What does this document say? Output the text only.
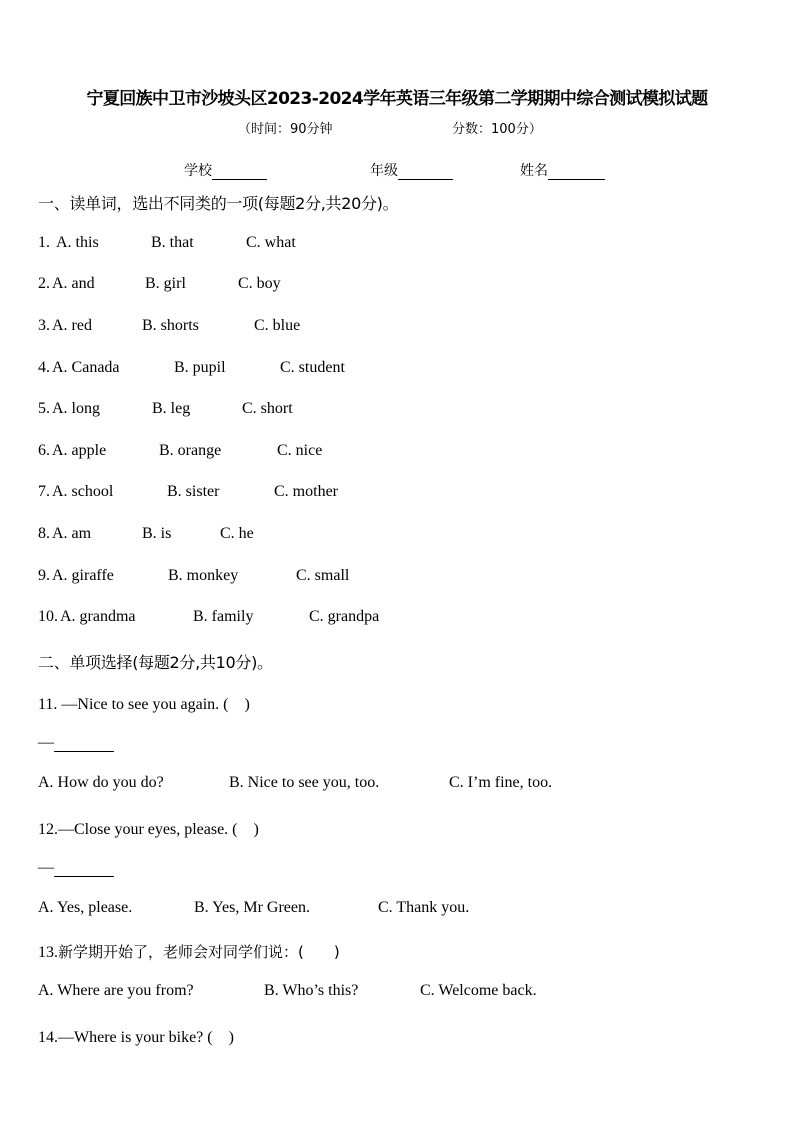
宁夏回族中卫市沙坡头区2023-2024学年英语三年级第二学期期中综合测试模拟试题
（时间：90分钟	分数：100分）
学校	年级	姓名
一、读单词，选出不同类的一项(每题2分,共20分)。
1. A. this	B. that	C. what
2. A. and	B. girl	C. boy
3. A. red	B. shorts	C. blue
4. A. Canada	B. pupil	C. student
5. A. long	B. leg	C. short
6. A. apple	B. orange	C. nice
7. A. school	B. sister	C. mother
8. A. am	B. is	C. he
9. A. giraffe	B. monkey	C. small
10. A. grandma	B. family	C. grandpa
二、单项选择(每题2分,共10分)。
11. —Nice to see you again. (　)
—
A. How do you do?	B. Nice to see you, too.	C. I’m fine, too.
12.—Close your eyes, please. (　)
—
A. Yes, please.	B. Yes, Mr Green.	C. Thank you.
13.新学期开始了，老师会对同学们说：(　　)
A. Where are you from?	B. Who’s this?	C. Welcome back.
14.—Where is your bike? (　)
